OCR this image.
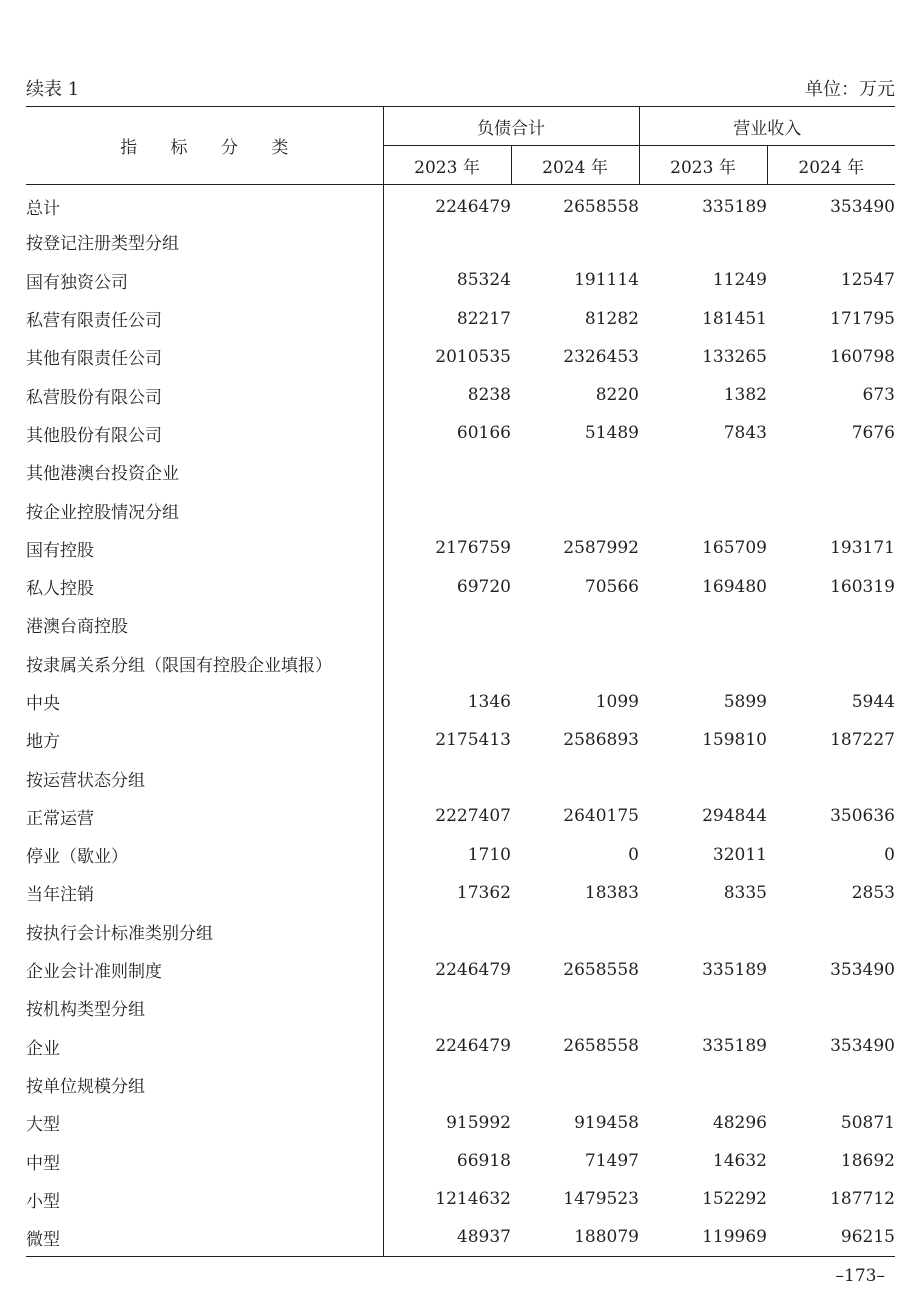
续表 1	单位：万元
指 标 分 类	负债合计		营业收入	
	2023 年	2024 年	2023 年	2024 年
总计	2246479	2658558	335189	353490
按登记注册类型分组				
国有独资公司	85324	191114	11249	12547
私营有限责任公司	82217	81282	181451	171795
其他有限责任公司	2010535	2326453	133265	160798
私营股份有限公司	8238	8220	1382	673
其他股份有限公司	60166	51489	7843	7676
其他港澳台投资企业				
按企业控股情况分组				
国有控股	2176759	2587992	165709	193171
私人控股	69720	70566	169480	160319
港澳台商控股				
按隶属关系分组（限国有控股企业填报）				
中央	1346	1099	5899	5944
地方	2175413	2586893	159810	187227
按运营状态分组				
正常运营	2227407	2640175	294844	350636
停业（歇业）	1710	0	32011	0
当年注销	17362	18383	8335	2853
按执行会计标准类别分组				
企业会计准则制度	2246479	2658558	335189	353490
按机构类型分组				
企业	2246479	2658558	335189	353490
按单位规模分组				
大型	915992	919458	48296	50871
中型	66918	71497	14632	18692
小型	1214632	1479523	152292	187712
微型	48937	188079	119969	96215
–173–
